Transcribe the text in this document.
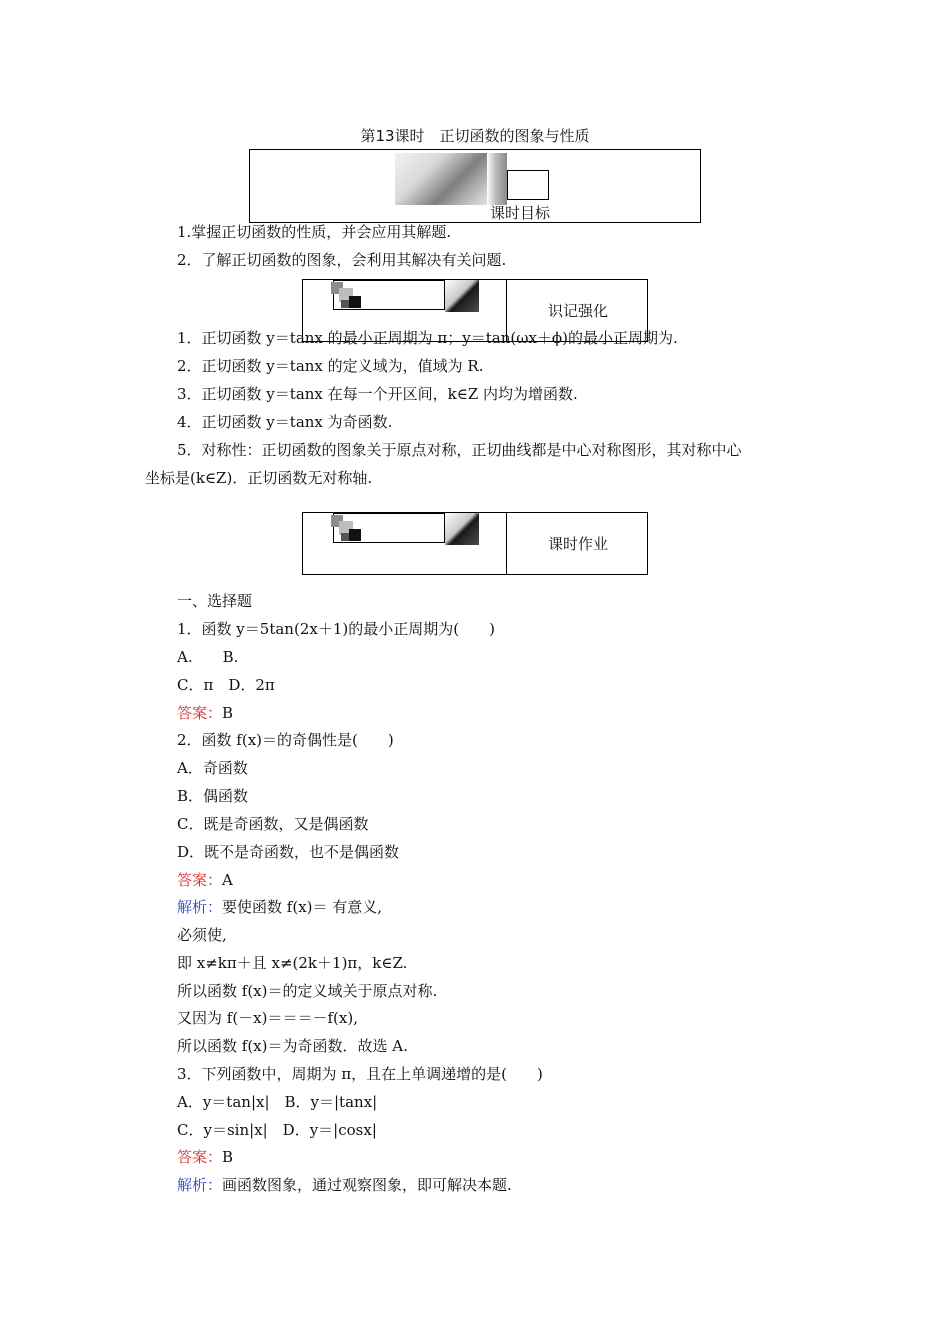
第13课时　正切函数的图象与性质
课时目标
1.掌握正切函数的性质，并会应用其解题.
2．了解正切函数的图象，会利用其解决有关问题.
识记强化
1．正切函数 y＝tanx 的最小正周期为 π；y＝tan(ωx＋ϕ)的最小正周期为.
2．正切函数 y＝tanx 的定义域为，值域为 R.
3．正切函数 y＝tanx 在每一个开区间，k∈Z 内均为增函数.
4．正切函数 y＝tanx 为奇函数.
5．对称性：正切函数的图象关于原点对称，正切曲线都是中心对称图形，其对称中心
坐标是(k∈Z)．正切函数无对称轴.
课时作业
一、选择题
1．函数 y＝5tan(2x＋1)的最小正周期为(　　)
A.　　B.
C．π　D．2π
答案：B
2．函数 f(x)＝的奇偶性是(　　)
A．奇函数
B．偶函数
C．既是奇函数，又是偶函数
D．既不是奇函数，也不是偶函数
答案：A
解析：要使函数 f(x)＝ 有意义,
必须使,
即 x≠kπ＋且 x≠(2k＋1)π，k∈Z.
所以函数 f(x)＝的定义域关于原点对称.
又因为 f(－x)＝＝＝－f(x),
所以函数 f(x)＝为奇函数．故选 A.
3．下列函数中，周期为 π，且在上单调递增的是(　　)
A．y＝tan|x|　B．y＝|tanx|
C．y＝sin|x|　D．y＝|cosx|
答案：B
解析：画函数图象，通过观察图象，即可解决本题.
